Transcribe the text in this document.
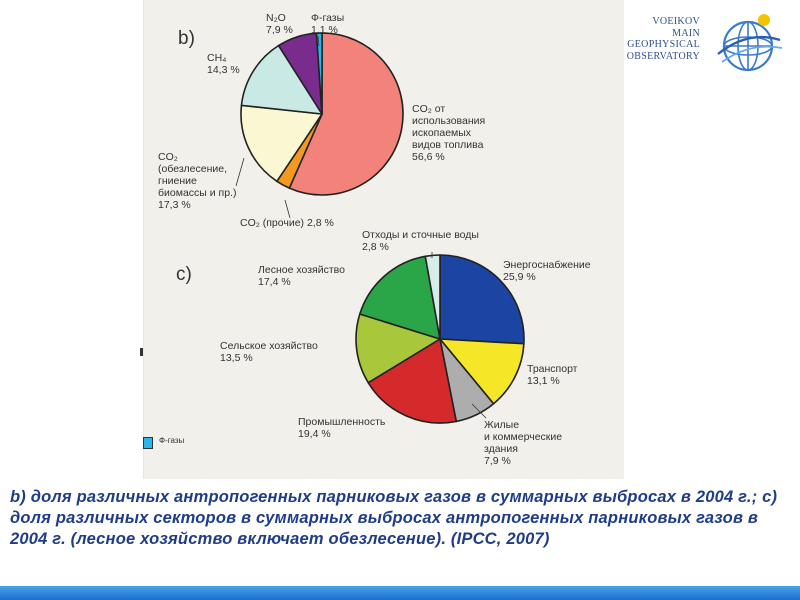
b)
CO₂ от использования ископаемых видов топлива 56,6 %
CO₂ (прочие) 2,8 %
CO₂ (обезлесение, гниение биомассы и пр.) 17,3 %
CH₄ 14,3 %
N₂O 7,9 %
Ф-газы 1,1 %
c)	Энергоснабжение 25,9 %
Транспорт 13,1 %
Жилые и коммерческие здания 7,9 %
Промышленность 19,4 %
Сельское хозяйство 13,5 %
Лесное хозяйство 17,4 %
Отходы и сточные воды 2,8 %
Ф-газы
VOEIKOV
MAIN
GEOPHYSICAL
OBSERVATORY
b) доля различных антропогенных парниковых газов в суммарных выбросах в 2004 г.; c) доля различных секторов в суммарных выбросах антропогенных парниковых газов в 2004 г. (лесное хозяйство включает обезлесение). (IPCC, 2007)
